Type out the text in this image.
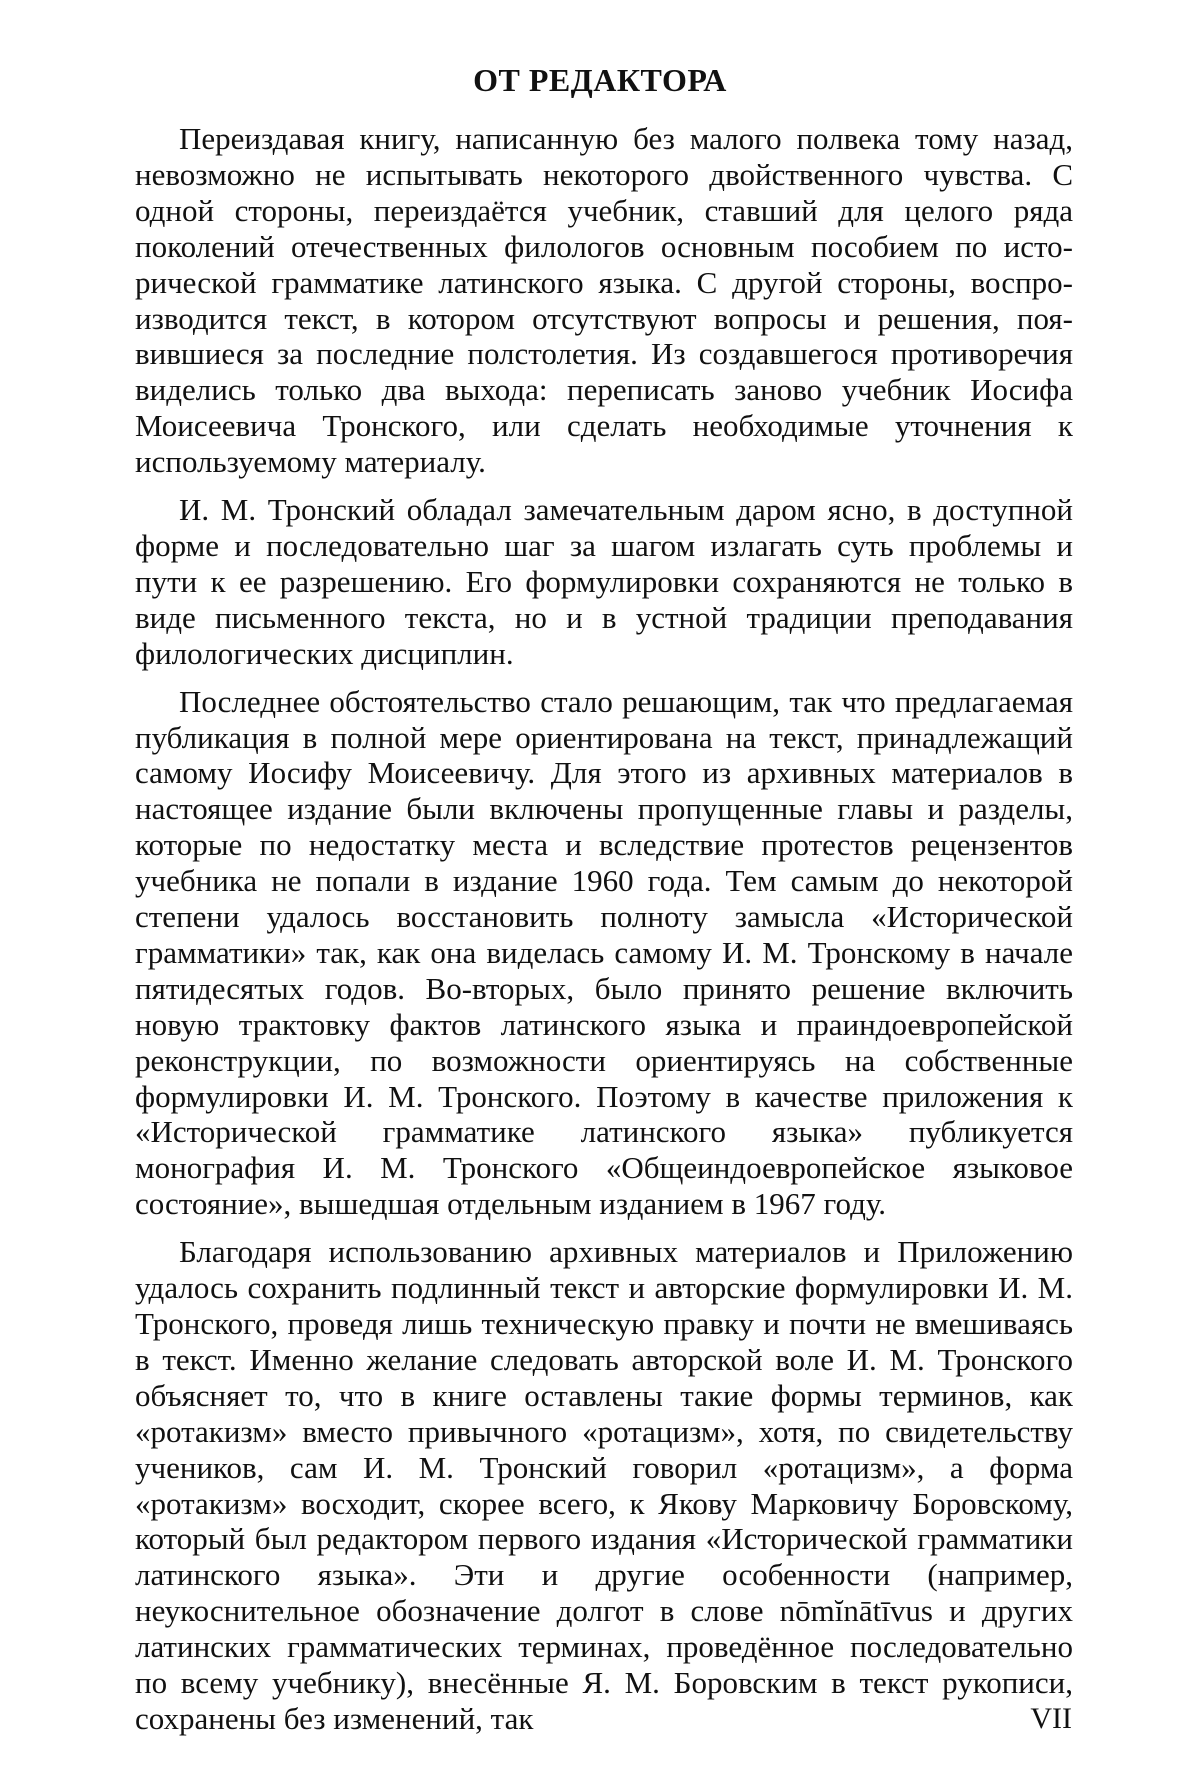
ОТ РЕДАКТОРА

Переиздавая книгу, написанную без малого полвека тому назад, невозможно не испытывать некоторого двойственного чувства. С одной стороны, переиздаётся учебник, ставший для целого ряда поколений отечественных филологов основным пособием по исторической грамматике латинского языка. С другой стороны, воспроизводится текст, в котором отсутствуют вопросы и решения, появившиеся за последние полстолетия. Из создавшегося противоречия виделись только два выхода: переписать заново учебник Иосифа Моисеевича Тронского, или сделать необходимые уточнения к используемому материалу.

И. М. Тронский обладал замечательным даром ясно, в доступной форме и последовательно шаг за шагом излагать суть проблемы и пути к ее разрешению. Его формулировки сохраняются не только в виде письменного текста, но и в устной традиции преподавания филологических дисциплин.

Последнее обстоятельство стало решающим, так что предлагаемая публикация в полной мере ориентирована на текст, принадлежащий самому Иосифу Моисеевичу. Для этого из архивных материалов в настоящее издание были включены пропущенные главы и разделы, которые по недостатку места и вследствие протестов рецензентов учебника не попали в издание 1960 года. Тем самым до некоторой степени удалось восстановить полноту замысла «Исторической грамматики» так, как она виделась самому И. М. Тронскому в начале пятидесятых годов. Во-вторых, было принято решение включить новую трактовку фактов латинского языка и праиндоевропейской реконструкции, по возможности ориентируясь на собственные формулировки И. М. Тронского. Поэтому в качестве приложения к «Исторической грамматике латинского языка» публикуется монография И. М. Тронского «Общеиндоевропейское языковое состояние», вышедшая отдельным изданием в 1967 году.

Благодаря использованию архивных материалов и Приложению удалось сохранить подлинный текст и авторские формулировки И. М. Тронского, проведя лишь техническую правку и почти не вмешиваясь в текст. Именно желание следовать авторской воле И. М. Тронского объясняет то, что в книге оставлены такие формы терминов, как «ротакизм» вместо привычного «ротацизм», хотя, по свидетельству учеников, сам И. М. Тронский говорил «ротацизм», а форма «ротакизм» восходит, скорее всего, к Якову Марковичу Боровскому, который был редактором первого издания «Исторической грамматики латинского языка». Эти и другие особенности (например, неукоснительное обозначение долгот в слове nōmĭnātīvus и других латинских грамматических терминах, проведённое последовательно по всему учебнику), внесённые Я. М. Боровским в текст рукописи, сохранены без изменений, так	VII
